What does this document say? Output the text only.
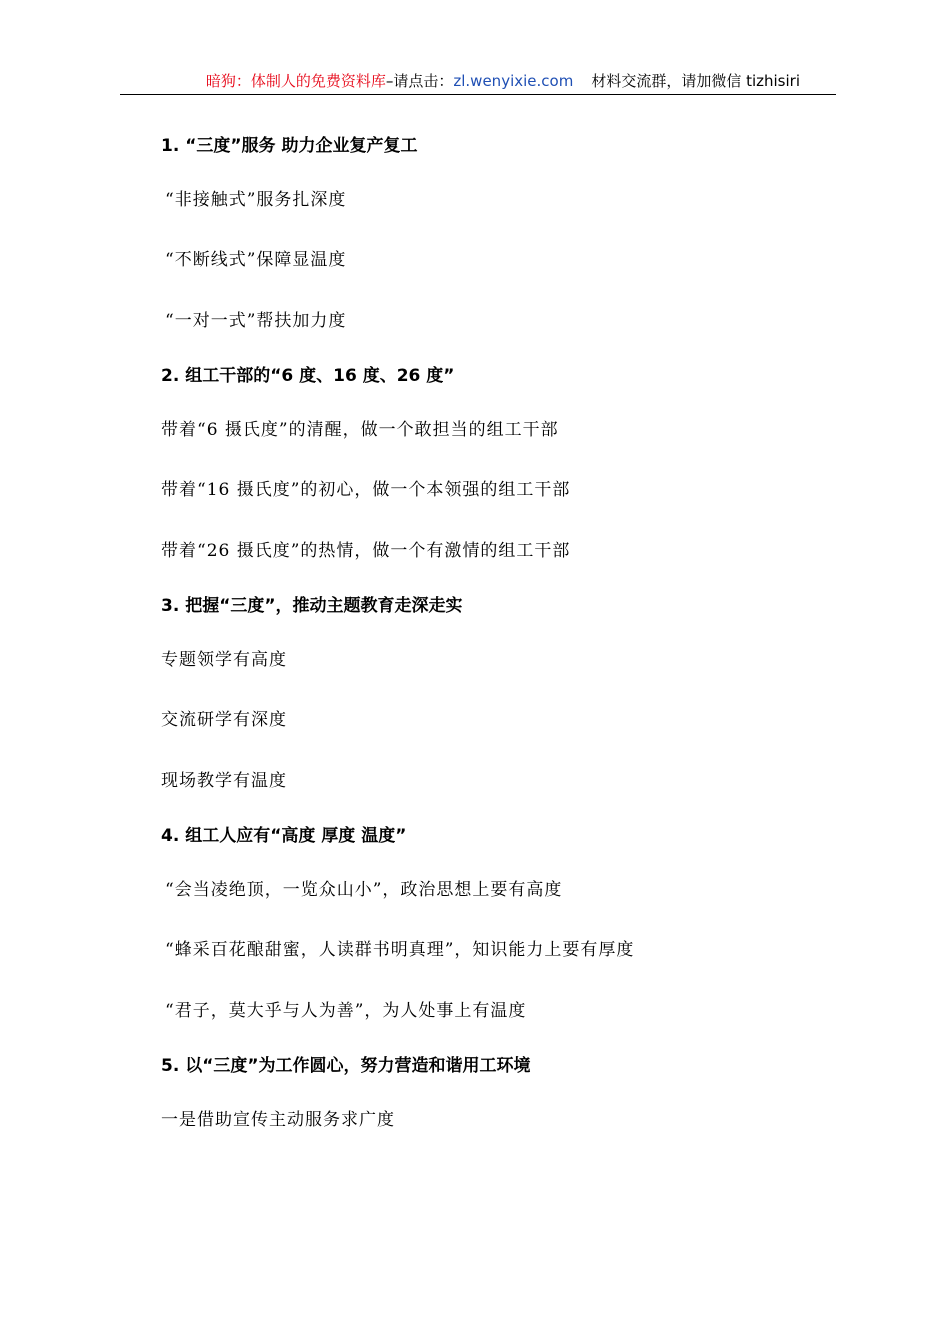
暗狗：体制人的免费资料库–请点击：zl.wenyixie.com 材料交流群，请加微信 tizhisiri
1. “三度”服务 助力企业复产复工
“非接触式”服务扎深度
“不断线式”保障显温度
“一对一式”帮扶加力度
2. 组工干部的“6 度、16 度、26 度”
带着“6 摄氏度”的清醒，做一个敢担当的组工干部
带着“16 摄氏度”的初心，做一个本领强的组工干部
带着“26 摄氏度”的热情，做一个有激情的组工干部
3. 把握“三度”，推动主题教育走深走实
专题领学有高度
交流研学有深度
现场教学有温度
4. 组工人应有“高度 厚度 温度”
“会当凌绝顶，一览众山小”，政治思想上要有高度
“蜂采百花酿甜蜜，人读群书明真理”，知识能力上要有厚度
“君子，莫大乎与人为善”，为人处事上有温度
5. 以“三度”为工作圆心，努力营造和谐用工环境
一是借助宣传主动服务求广度
